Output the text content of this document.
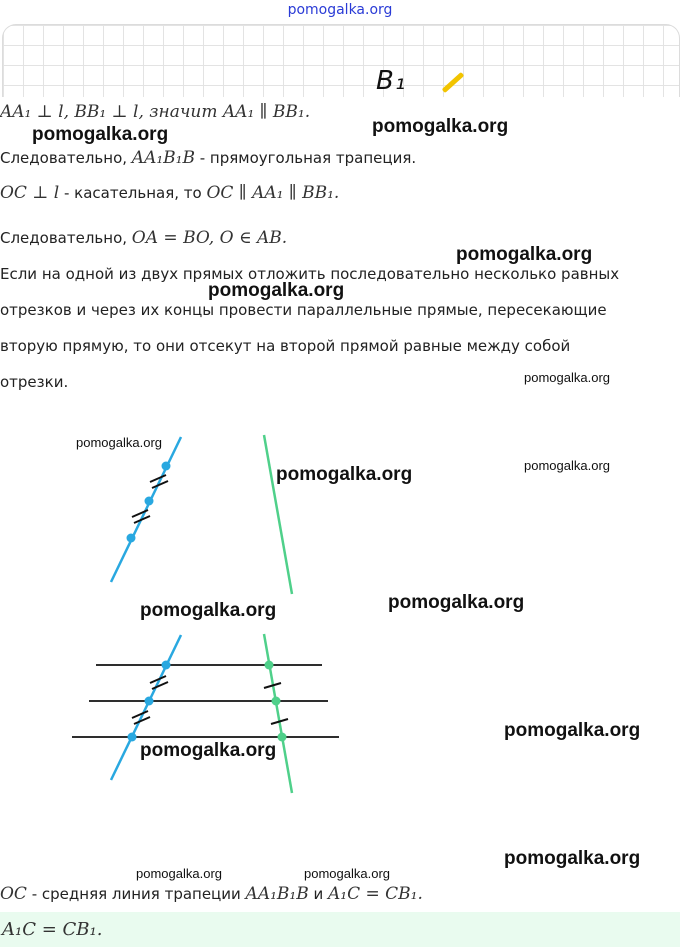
pomogalka.org
B₁
AA₁ ⊥ l, BB₁ ⊥ l, значит AA₁ ∥ BB₁.
Следовательно, AA₁B₁B - прямоугольная трапеция.
OC ⊥ l - касательная, то OC ∥ AA₁ ∥ BB₁.
Следовательно, OA = BO, O ∈ AB.
Если на одной из двух прямых отложить последовательно несколько равных
отрезков и через их концы провести параллельные прямые, пересекающие
вторую прямую, то они отсекут на второй прямой равные между собой
отрезки.
OC - средняя линия трапеции AA₁B₁B и A₁C = CB₁.
A₁C = CB₁.
pomogalka.org	pomogalka.org
pomogalka.org
pomogalka.org
pomogalka.org
pomogalka.org
pomogalka.org	pomogalka.org
pomogalka.org	pomogalka.org
pomogalka.org
pomogalka.org
pomogalka.org
pomogalka.org	pomogalka.org
